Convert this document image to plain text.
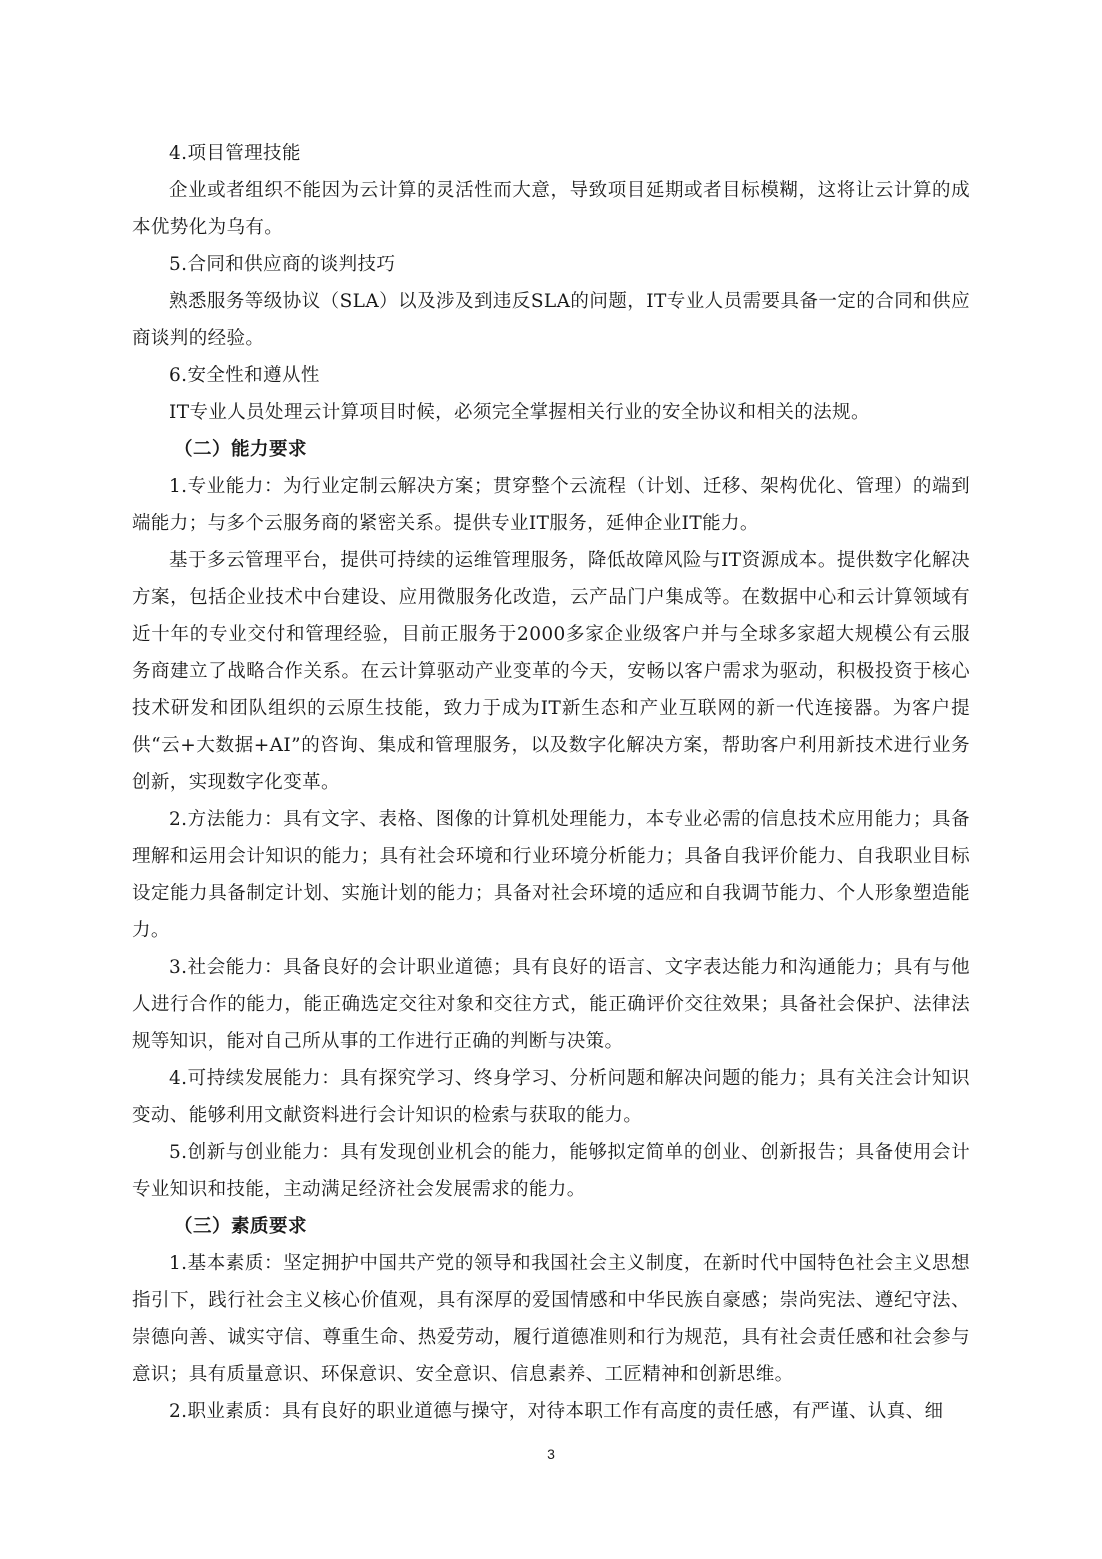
4.项目管理技能

企业或者组织不能因为云计算的灵活性而大意，导致项目延期或者目标模糊，这将让云计算的成本优势化为乌有。

5.合同和供应商的谈判技巧

熟悉服务等级协议（SLA）以及涉及到违反SLA的问题，IT专业人员需要具备一定的合同和供应商谈判的经验。

6.安全性和遵从性

IT专业人员处理云计算项目时候，必须完全掌握相关行业的安全协议和相关的法规。

（二）能力要求

1.专业能力：为行业定制云解决方案；贯穿整个云流程（计划、迁移、架构优化、管理）的端到端能力；与多个云服务商的紧密关系。提供专业IT服务，延伸企业IT能力。

基于多云管理平台，提供可持续的运维管理服务，降低故障风险与IT资源成本。提供数字化解决方案，包括企业技术中台建设、应用微服务化改造，云产品门户集成等。在数据中心和云计算领域有近十年的专业交付和管理经验，目前正服务于2000多家企业级客户并与全球多家超大规模公有云服务商建立了战略合作关系。在云计算驱动产业变革的今天，安畅以客户需求为驱动，积极投资于核心技术研发和团队组织的云原生技能，致力于成为IT新生态和产业互联网的新一代连接器。为客户提供“云+大数据+AI”的咨询、集成和管理服务，以及数字化解决方案，帮助客户利用新技术进行业务创新，实现数字化变革。

2.方法能力：具有文字、表格、图像的计算机处理能力，本专业必需的信息技术应用能力；具备理解和运用会计知识的能力；具有社会环境和行业环境分析能力；具备自我评价能力、自我职业目标设定能力具备制定计划、实施计划的能力；具备对社会环境的适应和自我调节能力、个人形象塑造能力。

3.社会能力：具备良好的会计职业道德；具有良好的语言、文字表达能力和沟通能力；具有与他人进行合作的能力，能正确选定交往对象和交往方式，能正确评价交往效果；具备社会保护、法律法规等知识，能对自己所从事的工作进行正确的判断与决策。

4.可持续发展能力：具有探究学习、终身学习、分析问题和解决问题的能力；具有关注会计知识变动、能够利用文献资料进行会计知识的检索与获取的能力。

5.创新与创业能力：具有发现创业机会的能力，能够拟定简单的创业、创新报告；具备使用会计专业知识和技能，主动满足经济社会发展需求的能力。

（三）素质要求

1.基本素质：坚定拥护中国共产党的领导和我国社会主义制度，在新时代中国特色社会主义思想指引下，践行社会主义核心价值观，具有深厚的爱国情感和中华民族自豪感；崇尚宪法、遵纪守法、崇德向善、诚实守信、尊重生命、热爱劳动，履行道德准则和行为规范，具有社会责任感和社会参与意识；具有质量意识、环保意识、安全意识、信息素养、工匠精神和创新思维。

2.职业素质：具有良好的职业道德与操守，对待本职工作有高度的责任感，有严谨、认真、细

3
